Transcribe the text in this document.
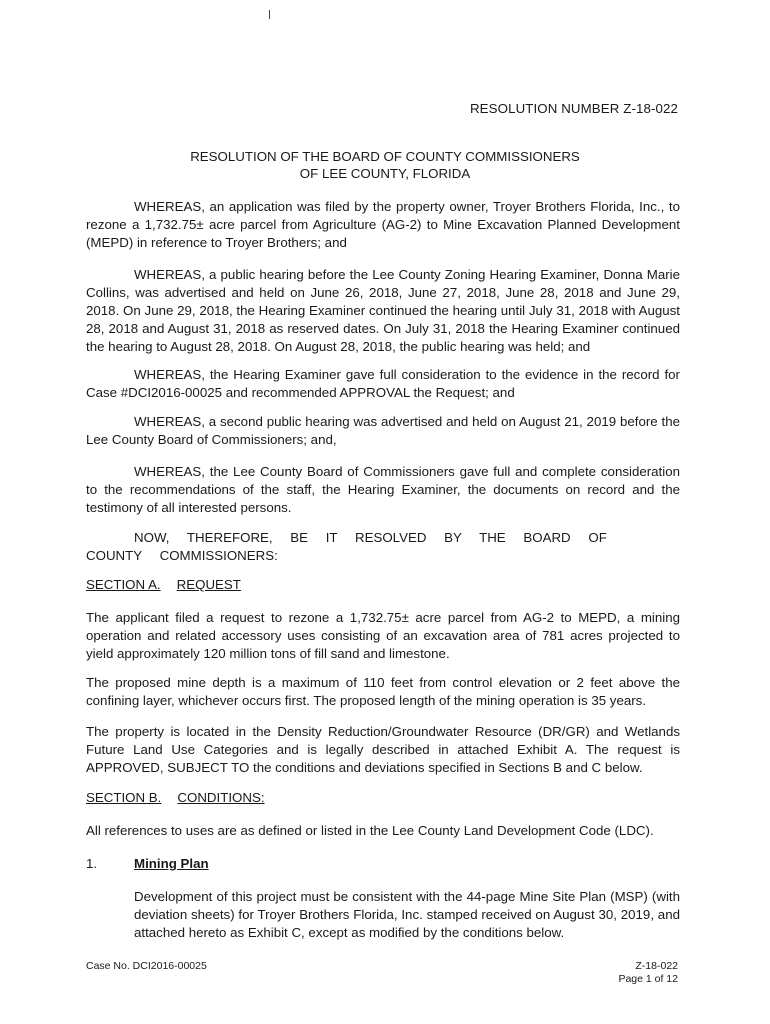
RESOLUTION NUMBER Z-18-022
RESOLUTION OF THE BOARD OF COUNTY COMMISSIONERS
OF LEE COUNTY, FLORIDA

WHEREAS, an application was filed by the property owner, Troyer Brothers Florida, Inc., to rezone a 1,732.75± acre parcel from Agriculture (AG-2) to Mine Excavation Planned Development (MEPD) in reference to Troyer Brothers; and

WHEREAS, a public hearing before the Lee County Zoning Hearing Examiner, Donna Marie Collins, was advertised and held on June 26, 2018, June 27, 2018, June 28, 2018 and June 29, 2018. On June 29, 2018, the Hearing Examiner continued the hearing until July 31, 2018 with August 28, 2018 and August 31, 2018 as reserved dates. On July 31, 2018 the Hearing Examiner continued the hearing to August 28, 2018. On August 28, 2018, the public hearing was held; and

WHEREAS, the Hearing Examiner gave full consideration to the evidence in the record for Case #DCI2016-00025 and recommended APPROVAL the Request; and

WHEREAS, a second public hearing was advertised and held on August 21, 2019 before the Lee County Board of Commissioners; and,

WHEREAS, the Lee County Board of Commissioners gave full and complete consideration to the recommendations of the staff, the Hearing Examiner, the documents on record and the testimony of all interested persons.

NOW, THEREFORE, BE IT RESOLVED BY THE BOARD OF COUNTY COMMISSIONERS:

SECTION A. REQUEST

The applicant filed a request to rezone a 1,732.75± acre parcel from AG-2 to MEPD, a mining operation and related accessory uses consisting of an excavation area of 781 acres projected to yield approximately 120 million tons of fill sand and limestone.

The proposed mine depth is a maximum of 110 feet from control elevation or 2 feet above the confining layer, whichever occurs first. The proposed length of the mining operation is 35 years.

The property is located in the Density Reduction/Groundwater Resource (DR/GR) and Wetlands Future Land Use Categories and is legally described in attached Exhibit A. The request is APPROVED, SUBJECT TO the conditions and deviations specified in Sections B and C below.

SECTION B. CONDITIONS:

All references to uses are as defined or listed in the Lee County Land Development Code (LDC).

1.	Mining Plan

Development of this project must be consistent with the 44-page Mine Site Plan (MSP) (with deviation sheets) for Troyer Brothers Florida, Inc. stamped received on August 30, 2019, and attached hereto as Exhibit C, except as modified by the conditions below.

Case No. DCI2016-00025	Z-18-022
Page 1 of 12
